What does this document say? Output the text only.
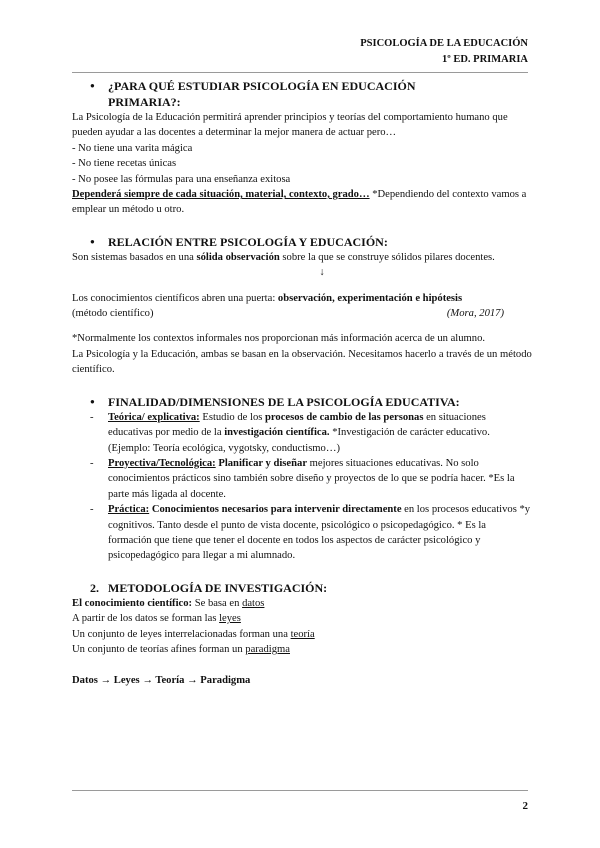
PSICOLOGÍA DE LA EDUCACIÓN
1º ED. PRIMARIA
● ¿PARA QUÉ ESTUDIAR PSICOLOGÍA EN EDUCACIÓN
PRIMARIA?:

La Psicología de la Educación permitirá aprender principios y teorías del comportamiento humano que pueden ayudar a las docentes a determinar la mejor manera de actuar pero…

- No tiene una varita mágica

- No tiene recetas únicas

- No posee las fórmulas para una enseñanza exitosa

Dependerá siempre de cada situación, material, contexto, grado… *Dependiendo del contexto vamos a emplear un método u otro.

● RELACIÓN ENTRE PSICOLOGÍA Y EDUCACIÓN:

Son sistemas basados en una sólida observación sobre la que se construye sólidos pilares docentes.

↓

Los conocimientos científicos abren una puerta: observación, experimentación e hipótesis

(método científico)	(Mora, 2017)

*Normalmente los contextos informales nos proporcionan más información acerca de un alumno.

La Psicología y la Educación, ambas se basan en la observación. Necesitamos hacerlo a través de un método científico.

● FINALIDAD/DIMENSIONES DE LA PSICOLOGÍA EDUCATIVA:
- Teórica/ explicativa: Estudio de los procesos de cambio de las personas en situaciones educativas por medio de la investigación científica. *Investigación de carácter educativo. (Ejemplo: Teoría ecológica, vygotsky, conductismo…)
- Proyectiva/Tecnológica: Planificar y diseñar mejores situaciones educativas. No solo conocimientos prácticos sino también sobre diseño y proyectos de lo que se podría hacer. *Es la parte más ligada al docente.
- Práctica: Conocimientos necesarios para intervenir directamente en los procesos educativos *y cognitivos. Tanto desde el punto de vista docente, psicológico o psicopedagógico. * Es la formación que tiene que tener el docente en todos los aspectos de carácter psicológico y psicopedagógico para llegar a mi alumnado.
2. METODOLOGÍA DE INVESTIGACIÓN:

El conocimiento científico: Se basa en datos

A partir de los datos se forman las leyes

Un conjunto de leyes interrelacionadas forman una teoría

Un conjunto de teorías afines forman un paradigma

Datos → Leyes → Teoría → Paradigma

2
